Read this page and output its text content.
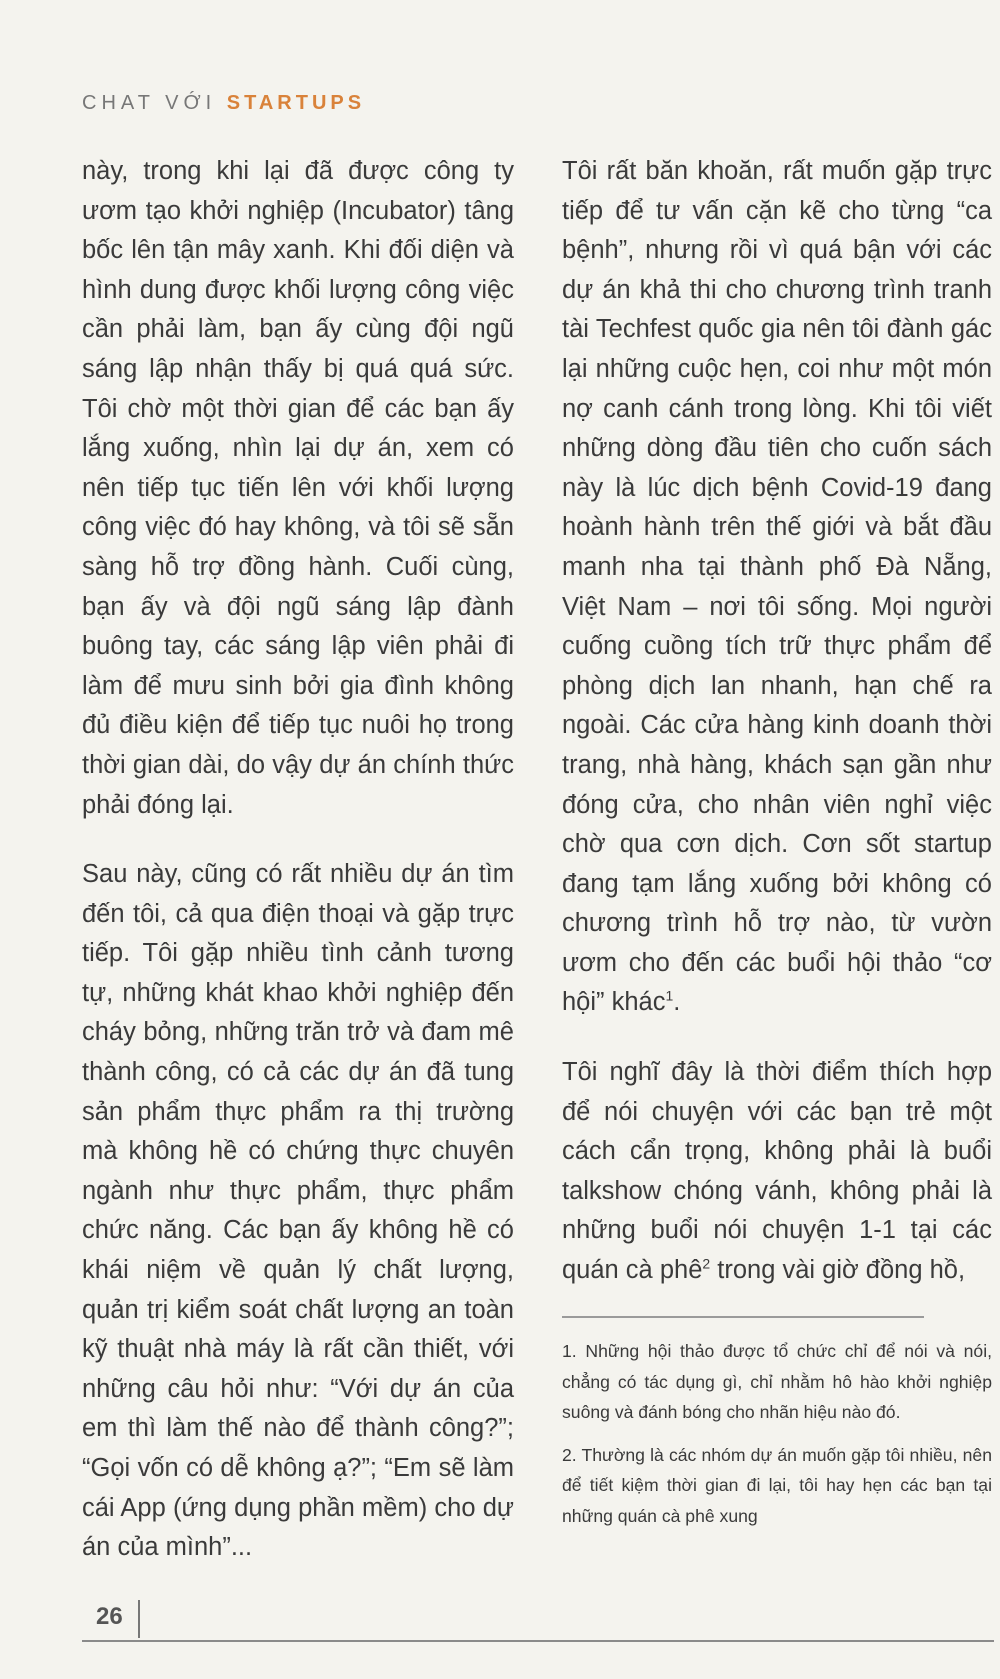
CHAT VỚI STARTUPS

này, trong khi lại đã được công ty ươm tạo khởi nghiệp (Incubator) tâng bốc lên tận mây xanh. Khi đối diện và hình dung được khối lượng công việc cần phải làm, bạn ấy cùng đội ngũ sáng lập nhận thấy bị quá quá sức. Tôi chờ một thời gian để các bạn ấy lắng xuống, nhìn lại dự án, xem có nên tiếp tục tiến lên với khối lượng công việc đó hay không, và tôi sẽ sẵn sàng hỗ trợ đồng hành. Cuối cùng, bạn ấy và đội ngũ sáng lập đành buông tay, các sáng lập viên phải đi làm để mưu sinh bởi gia đình không đủ điều kiện để tiếp tục nuôi họ trong thời gian dài, do vậy dự án chính thức phải đóng lại.

Sau này, cũng có rất nhiều dự án tìm đến tôi, cả qua điện thoại và gặp trực tiếp. Tôi gặp nhiều tình cảnh tương tự, những khát khao khởi nghiệp đến cháy bỏng, những trăn trở và đam mê thành công, có cả các dự án đã tung sản phẩm thực phẩm ra thị trường mà không hề có chứng thực chuyên ngành như thực phẩm, thực phẩm chức năng. Các bạn ấy không hề có khái niệm về quản lý chất lượng, quản trị kiểm soát chất lượng an toàn kỹ thuật nhà máy là rất cần thiết, với những câu hỏi như: “Với dự án của em thì làm thế nào để thành công?”; “Gọi vốn có dễ không ạ?”; “Em sẽ làm cái App (ứng dụng phần mềm) cho dự án của mình”...

Tôi rất băn khoăn, rất muốn gặp trực tiếp để tư vấn cặn kẽ cho từng “ca bệnh”, nhưng rồi vì quá bận với các dự án khả thi cho chương trình tranh tài Techfest quốc gia nên tôi đành gác lại những cuộc hẹn, coi như một món nợ canh cánh trong lòng. Khi tôi viết những dòng đầu tiên cho cuốn sách này là lúc dịch bệnh Covid-19 đang hoành hành trên thế giới và bắt đầu manh nha tại thành phố Đà Nẵng, Việt Nam – nơi tôi sống. Mọi người cuống cuồng tích trữ thực phẩm để phòng dịch lan nhanh, hạn chế ra ngoài. Các cửa hàng kinh doanh thời trang, nhà hàng, khách sạn gần như đóng cửa, cho nhân viên nghỉ việc chờ qua cơn dịch. Cơn sốt startup đang tạm lắng xuống bởi không có chương trình hỗ trợ nào, từ vườn ươm cho đến các buổi hội thảo “cơ hội” khác$^1$.

Tôi nghĩ đây là thời điểm thích hợp để nói chuyện với các bạn trẻ một cách cẩn trọng, không phải là buổi talkshow chóng vánh, không phải là những buổi nói chuyện 1-1 tại các quán cà phê$^2$ trong vài giờ đồng hồ,

1. Những hội thảo được tổ chức chỉ để nói và nói, chẳng có tác dụng gì, chỉ nhằm hô hào khởi nghiệp suông và đánh bóng cho nhãn hiệu nào đó.

2. Thường là các nhóm dự án muốn gặp tôi nhiều, nên để tiết kiệm thời gian đi lại, tôi hay hẹn các bạn tại những quán cà phê xung

26
